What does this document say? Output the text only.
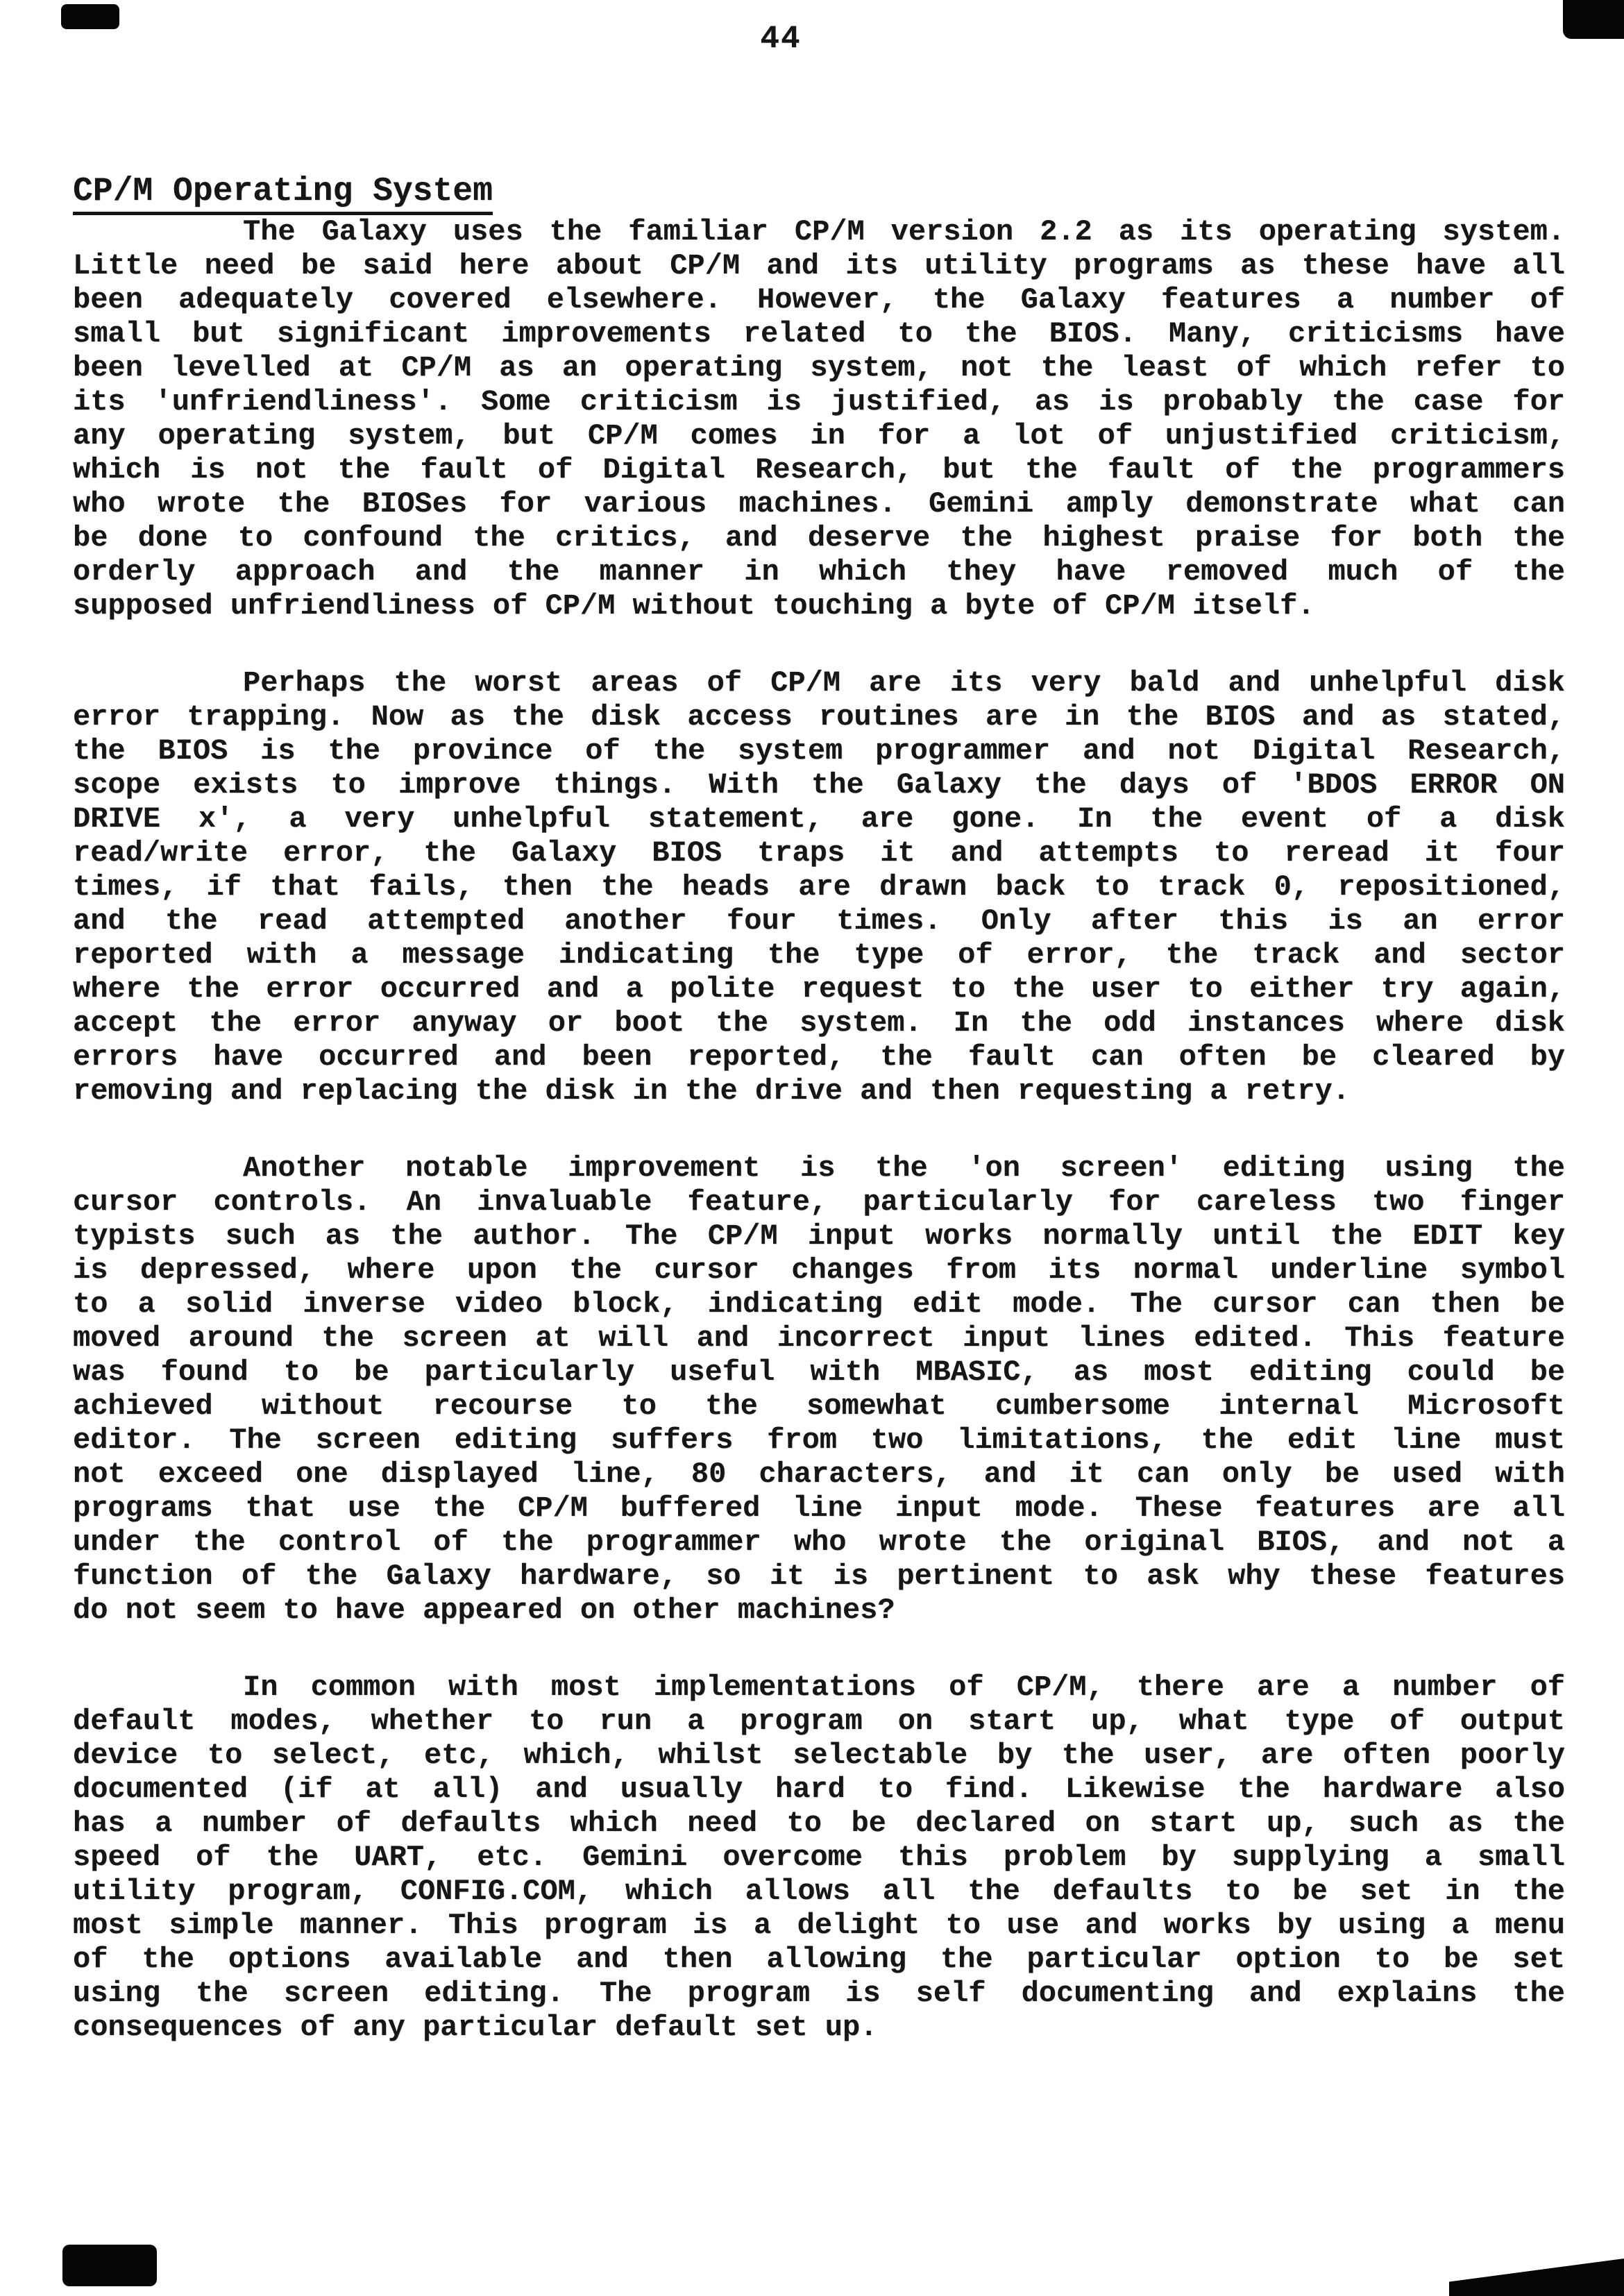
44
CP/M Operating System
The Galaxy uses the familiar CP/M version 2.2 as its operating system.
Little need be said here about CP/M and its utility programs as these have all
been adequately covered elsewhere. However, the Galaxy features a number of
small but significant improvements related to the BIOS. Many, criticisms have
been levelled at CP/M as an operating system, not the least of which refer to
its 'unfriendliness'. Some criticism is justified, as is probably the case for
any operating system, but CP/M comes in for a lot of unjustified criticism,
which is not the fault of Digital Research, but the fault of the programmers
who wrote the BIOSes for various machines. Gemini amply demonstrate what can
be done to confound the critics, and deserve the highest praise for both the
orderly approach and the manner in which they have removed much of the
supposed unfriendliness of CP/M without touching a byte of CP/M itself.
Perhaps the worst areas of CP/M are its very bald and unhelpful disk
error trapping. Now as the disk access routines are in the BIOS and as stated,
the BIOS is the province of the system programmer and not Digital Research,
scope exists to improve things. With the Galaxy the days of 'BDOS ERROR ON
DRIVE x', a very unhelpful statement, are gone. In the event of a disk
read/write error, the Galaxy BIOS traps it and attempts to reread it four
times, if that fails, then the heads are drawn back to track 0, repositioned,
and the read attempted another four times. Only after this is an error
reported with a message indicating the type of error, the track and sector
where the error occurred and a polite request to the user to either try again,
accept the error anyway or boot the system. In the odd instances where disk
errors have occurred and been reported, the fault can often be cleared by
removing and replacing the disk in the drive and then requesting a retry.
Another notable improvement is the 'on screen' editing using the
cursor controls. An invaluable feature, particularly for careless two finger
typists such as the author. The CP/M input works normally until the EDIT key
is depressed, where upon the cursor changes from its normal underline symbol
to a solid inverse video block, indicating edit mode. The cursor can then be
moved around the screen at will and incorrect input lines edited. This feature
was found to be particularly useful with MBASIC, as most editing could be
achieved without recourse to the somewhat cumbersome internal Microsoft
editor. The screen editing suffers from two limitations, the edit line must
not exceed one displayed line, 80 characters, and it can only be used with
programs that use the CP/M buffered line input mode. These features are all
under the control of the programmer who wrote the original BIOS, and not a
function of the Galaxy hardware, so it is pertinent to ask why these features
do not seem to have appeared on other machines?
In common with most implementations of CP/M, there are a number of
default modes, whether to run a program on start up, what type of output
device to select, etc, which, whilst selectable by the user, are often poorly
documented (if at all) and usually hard to find. Likewise the hardware also
has a number of defaults which need to be declared on start up, such as the
speed of the UART, etc. Gemini overcome this problem by supplying a small
utility program, CONFIG.COM, which allows all the defaults to be set in the
most simple manner. This program is a delight to use and works by using a menu
of the options available and then allowing the particular option to be set
using the screen editing. The program is self documenting and explains the
consequences of any particular default set up.
